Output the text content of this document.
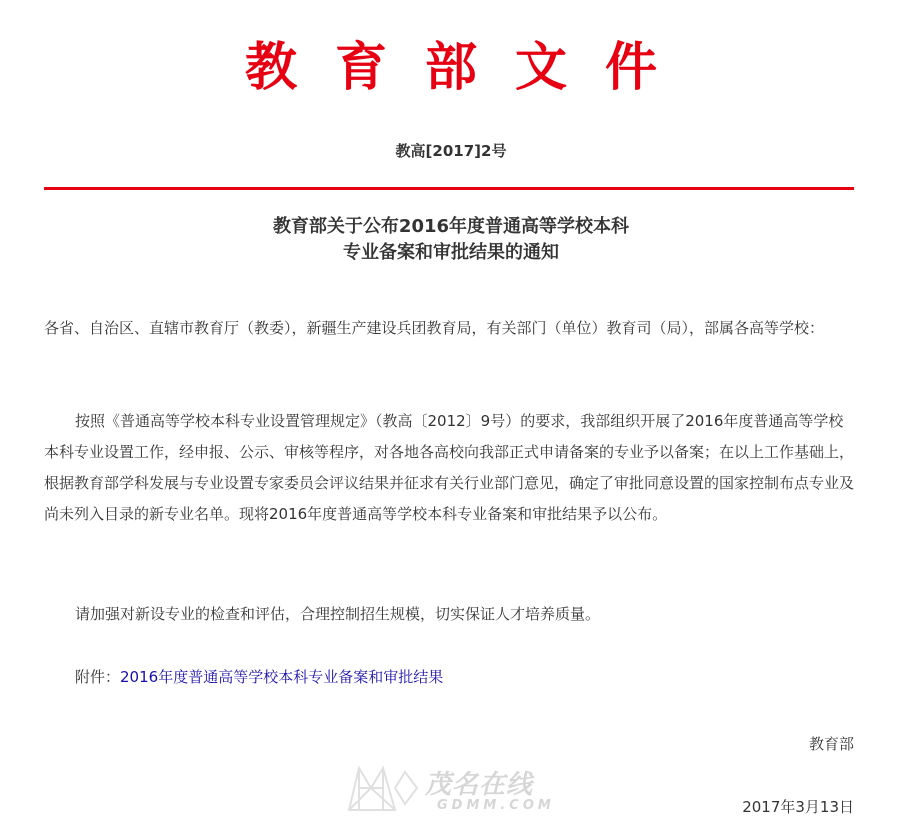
教育部文件
教高[2017]2号
教育部关于公布2016年度普通高等学校本科
专业备案和审批结果的通知

各省、自治区、直辖市教育厅（教委），新疆生产建设兵团教育局，有关部门（单位）教育司（局），部属各高等学校：

按照《普通高等学校本科专业设置管理规定》（教高〔2012〕9号）的要求，我部组织开展了2016年度普通高等学校本科专业设置工作，经申报、公示、审核等程序，对各地各高校向我部正式申请备案的专业予以备案；在以上工作基础上，根据教育部学科发展与专业设置专家委员会评议结果并征求有关行业部门意见，确定了审批同意设置的国家控制布点专业及尚未列入目录的新专业名单。现将2016年度普通高等学校本科专业备案和审批结果予以公布。

请加强对新设专业的检查和评估，合理控制招生规模，切实保证人才培养质量。

附件：2016年度普通高等学校本科专业备案和审批结果

教育部

茂名在线
GDMM.COM	2017年3月13日
